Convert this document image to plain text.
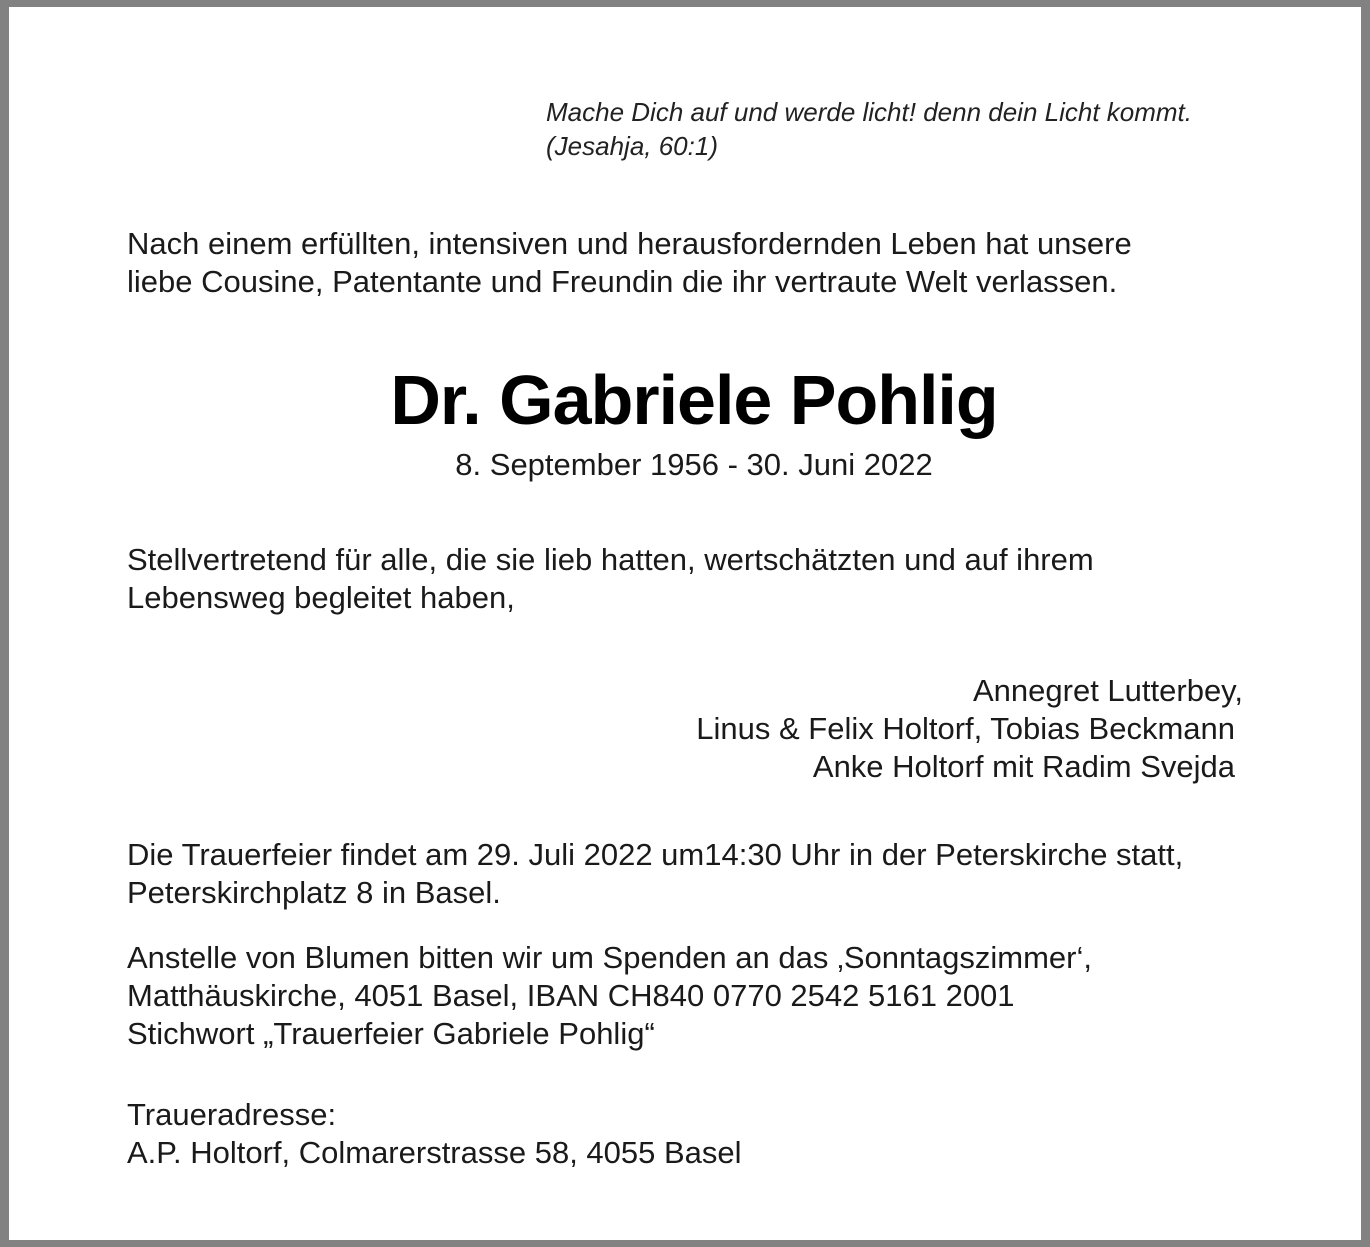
Mache Dich auf und werde licht! denn dein Licht kommt.
(Jesahja, 60:1)
Nach einem erfüllten, intensiven und herausfordernden Leben hat unsere
liebe Cousine, Patentante und Freundin die ihr vertraute Welt verlassen.
Dr. Gabriele Pohlig
8. September 1956 - 30. Juni 2022
Stellvertretend für alle, die sie lieb hatten, wertschätzten und auf ihrem
Lebensweg begleitet haben,
Annegret Lutterbey,
Linus & Felix Holtorf, Tobias Beckmann
Anke Holtorf mit Radim Svejda
Die Trauerfeier findet am 29. Juli 2022 um14:30 Uhr in der Peterskirche statt,
Peterskirchplatz 8 in Basel.
Anstelle von Blumen bitten wir um Spenden an das ‚Sonntagszimmer‘,
Matthäuskirche, 4051 Basel, IBAN CH840 0770 2542 5161 2001
Stichwort „Trauerfeier Gabriele Pohlig“
Traueradresse:
A.P. Holtorf, Colmarerstrasse 58, 4055 Basel
